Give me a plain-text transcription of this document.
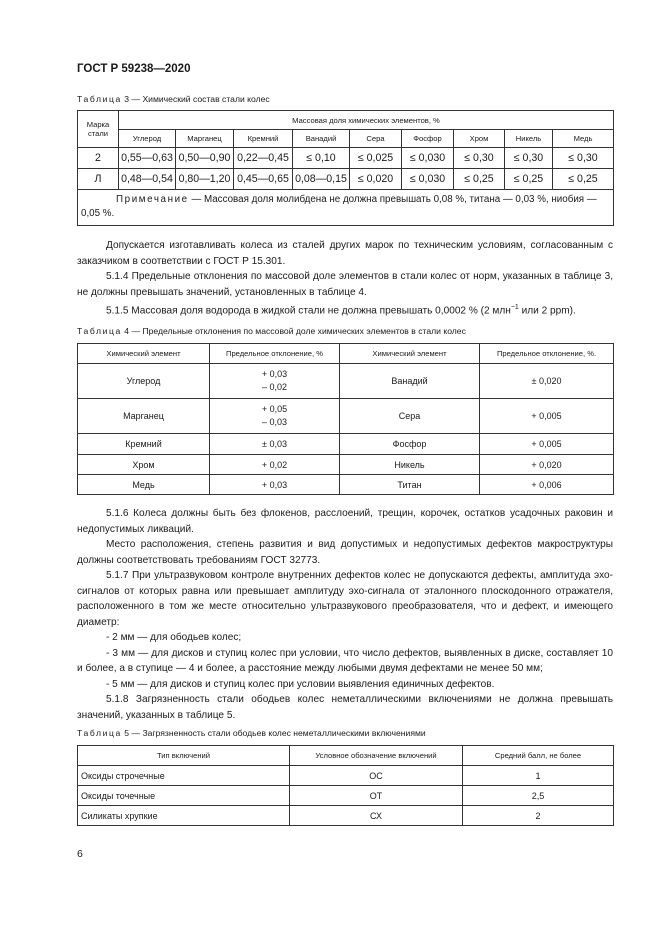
ГОСТ Р 59238—2020
Таблица 3 — Химический состав стали колес
Марка стали	Массовая доля химических элементов, %								
	Углерод	Марганец	Кремний	Ванадий	Сера	Фосфор	Хром	Никель	Медь
2	0,55—0,63	0,50—0,90	0,22—0,45	≤ 0,10	≤ 0,025	≤ 0,030	≤ 0,30	≤ 0,30	≤ 0,30
Л	0,48—0,54	0,80—1,20	0,45—0,65	0,08—0,15	≤ 0,020	≤ 0,030	≤ 0,25	≤ 0,25	≤ 0,25
Примечание — Массовая доля молибдена не должна превышать 0,08 %, титана — 0,03 %, ниобия — 0,05 %.									

Допускается изготавливать колеса из сталей других марок по техническим условиям, согласованным с заказчиком в соответствии с ГОСТ Р 15.301.

5.1.4 Предельные отклонения по массовой доле элементов в стали колес от норм, указанных в таблице 3, не должны превышать значений, установленных в таблице 4.

5.1.5 Массовая доля водорода в жидкой стали не должна превышать 0,0002 % (2 млн$^{-1}$ или 2 ppm).

Таблица 4 — Предельные отклонения по массовой доле химических элементов в стали колес
Химический элемент	Предельное отклонение, %	Химический элемент	Предельное отклонение, %.
Углерод	+ 0,03
– 0,02	Ванадий	± 0,020
Марганец	+ 0,05
– 0,03	Сера	+ 0,005
Кремний	± 0,03	Фосфор	+ 0,005
Хром	+ 0,02	Никель	+ 0,020
Медь	+ 0,03	Титан	+ 0,006

5.1.6 Колеса должны быть без флокенов, расслоений, трещин, корочек, остатков усадочных раковин и недопустимых ликваций.

Место расположения, степень развития и вид допустимых и недопустимых дефектов макроструктуры должны соответствовать требованиям ГОСТ 32773.

5.1.7 При ультразвуковом контроле внутренних дефектов колес не допускаются дефекты, амплитуда эхо-сигналов от которых равна или превышает амплитуду эхо-сигнала от эталонного плоскодонного отражателя, расположенного в том же месте относительно ультразвукового преобразователя, что и дефект, и имеющего диаметр:

- 2 мм — для ободьев колес;

- 3 мм — для дисков и ступиц колес при условии, что число дефектов, выявленных в диске, составляет 10 и более, а в ступице — 4 и более, а расстояние между любыми двумя дефектами не менее 50 мм;

- 5 мм — для дисков и ступиц колес при условии выявления единичных дефектов.

5.1.8 Загрязненность стали ободьев колес неметаллическими включениями не должна превышать значений, указанных в таблице 5.

Таблица 5 — Загрязненность стали ободьев колес неметаллическими включениями
Тип включений	Условное обозначение включений	Средний балл, не более
Оксиды строчечные	ОС	1
Оксиды точечные	ОТ	2,5
Силикаты хрупкие	СХ	2
6
